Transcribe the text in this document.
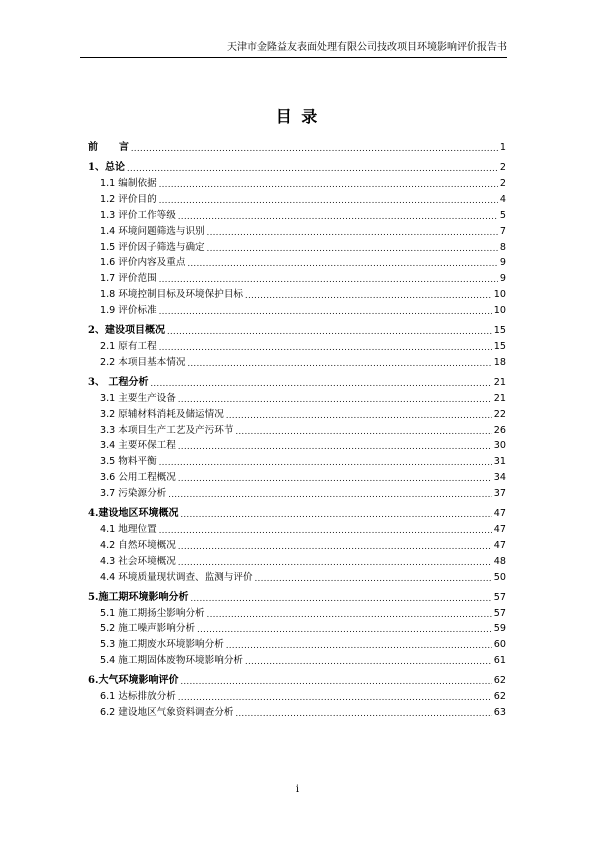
天津市金隆益友表面处理有限公司技改项目环境影响评价报告书
目 录
前      言 .....	1
1、总论 .....	2
1.1 编制依据 .....	2
1.2 评价目的 .....	4
1.3 评价工作等级 .....	5
1.4 环境问题筛选与识别 .....	7
1.5 评价因子筛选与确定 .....	8
1.6 评价内容及重点 .....	9
1.7 评价范围 .....	9
1.8 环境控制目标及环境保护目标 .....	10
1.9 评价标准 .....	10
2、建设项目概况 .....	15
2.1 原有工程 .....	15
2.2 本项目基本情况 .....	18
3、 工程分析 .....	21
3.1 主要生产设备 .....	21
3.2 原辅材料消耗及储运情况 .....	22
3.3 本项目生产工艺及产污环节 .....	26
3.4 主要环保工程 .....	30
3.5 物料平衡 .....	31
3.6 公用工程概况 .....	34
3.7 污染源分析 .....	37
4.建设地区环境概况 .....	47
4.1 地理位置 .....	47
4.2 自然环境概况 .....	47
4.3 社会环境概况 .....	48
4.4 环境质量现状调查、监测与评价 .....	50
5.施工期环境影响分析 .....	57
5.1 施工期扬尘影响分析 .....	57
5.2 施工噪声影响分析 .....	59
5.3 施工期废水环境影响分析 .....	60
5.4 施工期固体废物环境影响分析 .....	61
6.大气环境影响评价 .....	62
6.1 达标排放分析 .....	62
6.2 建设地区气象资料调查分析 .....	63
i
